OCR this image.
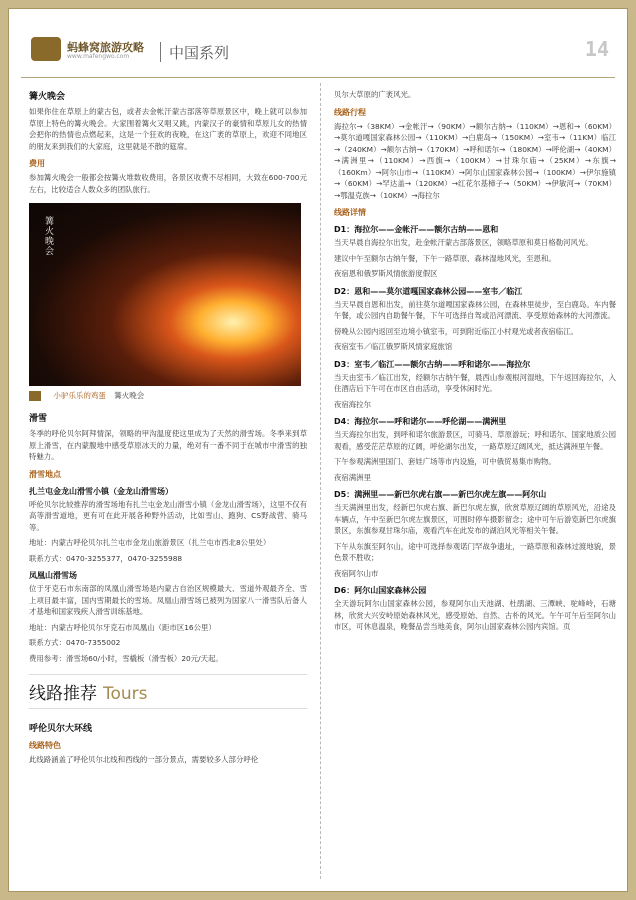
蚂蜂窝旅游攻略
www.mafengwo.com	中国系列	14
篝火晚会

如果你住在草原上的蒙古包，或者去金帐汗蒙古部落等草原景区中，晚上就可以参加草原上特色的篝火晚会。大家围着篝火又唱又跳，内蒙汉子的豪情和草原儿女的热情会把你的热情也点燃起来，这是一个狂欢的夜晚，在这广袤的草原上，欢迎不同地区的朋友来到我们的大家庭，这里就是不散的筵席。

费用

参加篝火晚会一般都会按篝火堆数收费用，各景区收费不尽相同，大致在600-700元左右，比较适合人数众多的团队旅行。

篝火晚会
小驴乐乐的鸡蛋 篝火晚会
滑雪

冬季的呼伦贝尔阿拜情深，领略的甲沟温度使这里成为了天然的滑雪场。冬季来到草原上滑雪，在内蒙腹地中感受草原冰天的力量，绝对有一番不同于在城市中滑雪的独特魅力。

滑雪地点
扎兰屯金龙山滑雪小镇（金龙山滑雪场）

呼伦贝尔比较推荐的滑雪场地有扎兰屯金龙山滑雪小镇（金龙山滑雪场），这里不仅有高等滑雪道地，更有可在此开展各种野外活动，比如雪山、跑狗、CS野战营、骑马等。

地址：内蒙古呼伦贝尔扎兰屯市金龙山旅游景区（扎兰屯市西北8公里处）

联系方式：0470-3255377，0470-3255988

凤凰山滑雪场

位于牙克石市东南部的凤凰山滑雪场是内蒙古自治区规模最大、雪道外观最齐全、雪上项目最丰富，国内雪期最长的雪场。凤凰山滑雪场已被列为国家八一滑雪队后备人才基地和国家残疾人滑雪训练基地。

地址：内蒙古呼伦贝尔牙克石市凤凰山（距市区16公里）

联系方式：0470-7355002

费用参考：滑雪场60/小时，雪橇板（滑雪板）20元/天起。

线路推荐 Tours
呼伦贝尔大环线
线路特色

此线路涵盖了呼伦贝尔北线和西线的一部分景点，需要较多人部分呼伦

贝尔大草原的广袤风光。

线路行程

海拉尔→（38KM）→金帐汗→（90KM）→额尔古纳→（110KM）→恩和→（60KM）→莫尔道嘎国家森林公园→（110KM）→白鹿岛→（150KM）→室韦→（11KM）临江→（240KM）→额尔古纳→（170KM）→呼和诺尔→（180KM）→呼伦湖→（40KM）→满洲里→（110KM）→西旗→（100KM）→甘珠尔庙→（25KM）→东旗→（160Km）→阿尔山市→（110KM）→阿尔山国家森林公园→（100KM）→伊尔施镇→（60KM）→罕达盖→（120KM）→红花尔基樟子→（50KM）→伊敏河→（70KM）→鄂温克族→（10KM）→海拉尔

线路详情
D1：海拉尔——金帐汗——额尔古纳——恩和

当天早晨自海拉尔出发，赴金帐汗蒙古部落景区，领略草原和莫日格勒河风光。

建议中午至额尔古纳午餐，下午一路草原、森林湿地风光，至恩和。

夜宿恩和俄罗斯风情旅游度假区

D2：恩和——莫尔道嘎国家森林公园——室韦／临江

当天早晨自恩和出发，前往莫尔道嘎国家森林公园，在森林里徒步，至白鹿岛。车内餐午餐，或公园内自助餐午餐，下午可选择自驾或沿河漂流、享受原始森林的大河漂流。

傍晚从公园内返回至边境小镇室韦，可到附近临江小村观光或者夜宿临江。

夜宿室韦／临江俄罗斯风情家庭旅馆

D3：室韦／临江——额尔古纳——呼和诺尔——海拉尔

当天由室韦／临江出发，经额尔古纳午餐，晨西山参观根河湿地，下午返回海拉尔，入住酒店后下午可在市区自由活动，享受休闲时光。

夜宿海拉尔

D4：海拉尔——呼和诺尔——呼伦湖——满洲里

当天海拉尔出发，到呼和诺尔旅游景区，可骑马、草原游玩；呼和诺尔、国家地质公园观看，感受茫茫草原的辽阔，呼伦湖尔出发，一路草原辽阔风光，抵达满洲里午餐。

下午参观满洲里国门、套娃广场等市内设施，可中俄贸易集市购物。

夜宿满洲里

D5：满洲里——新巴尔虎右旗——新巴尔虎左旗——阿尔山

当天满洲里出发，经新巴尔虎右旗、新巴尔虎左旗，欣赏草原辽阔的草原风光，沿途及车辆点，午中至新巴尔虎左旗景区，可围时停车摄影留念；途中可午后游览新巴尔虎旗景区，东旗参观甘珠尔庙，观看汽车在此发布的湖泊风光等相关午餐。

下午从东旗至阿尔山，途中可选择参观诺门罕战争遗址，一路草原和森林过渡地貌，景色景不胜收；

夜宿阿尔山市

D6：阿尔山国家森林公园

全天游玩阿尔山国家森林公园，参观阿尔山天池湖、杜鹃湖、三潭峡、驼峰岭，石塘林，欣赏大兴安岭原始森林风光，感受原始、自然、古朴的风光。午午可午后至阿尔山市区，可休息温泉，晚餐品尝当地美食，阿尔山国家森林公园内宾馆。页
